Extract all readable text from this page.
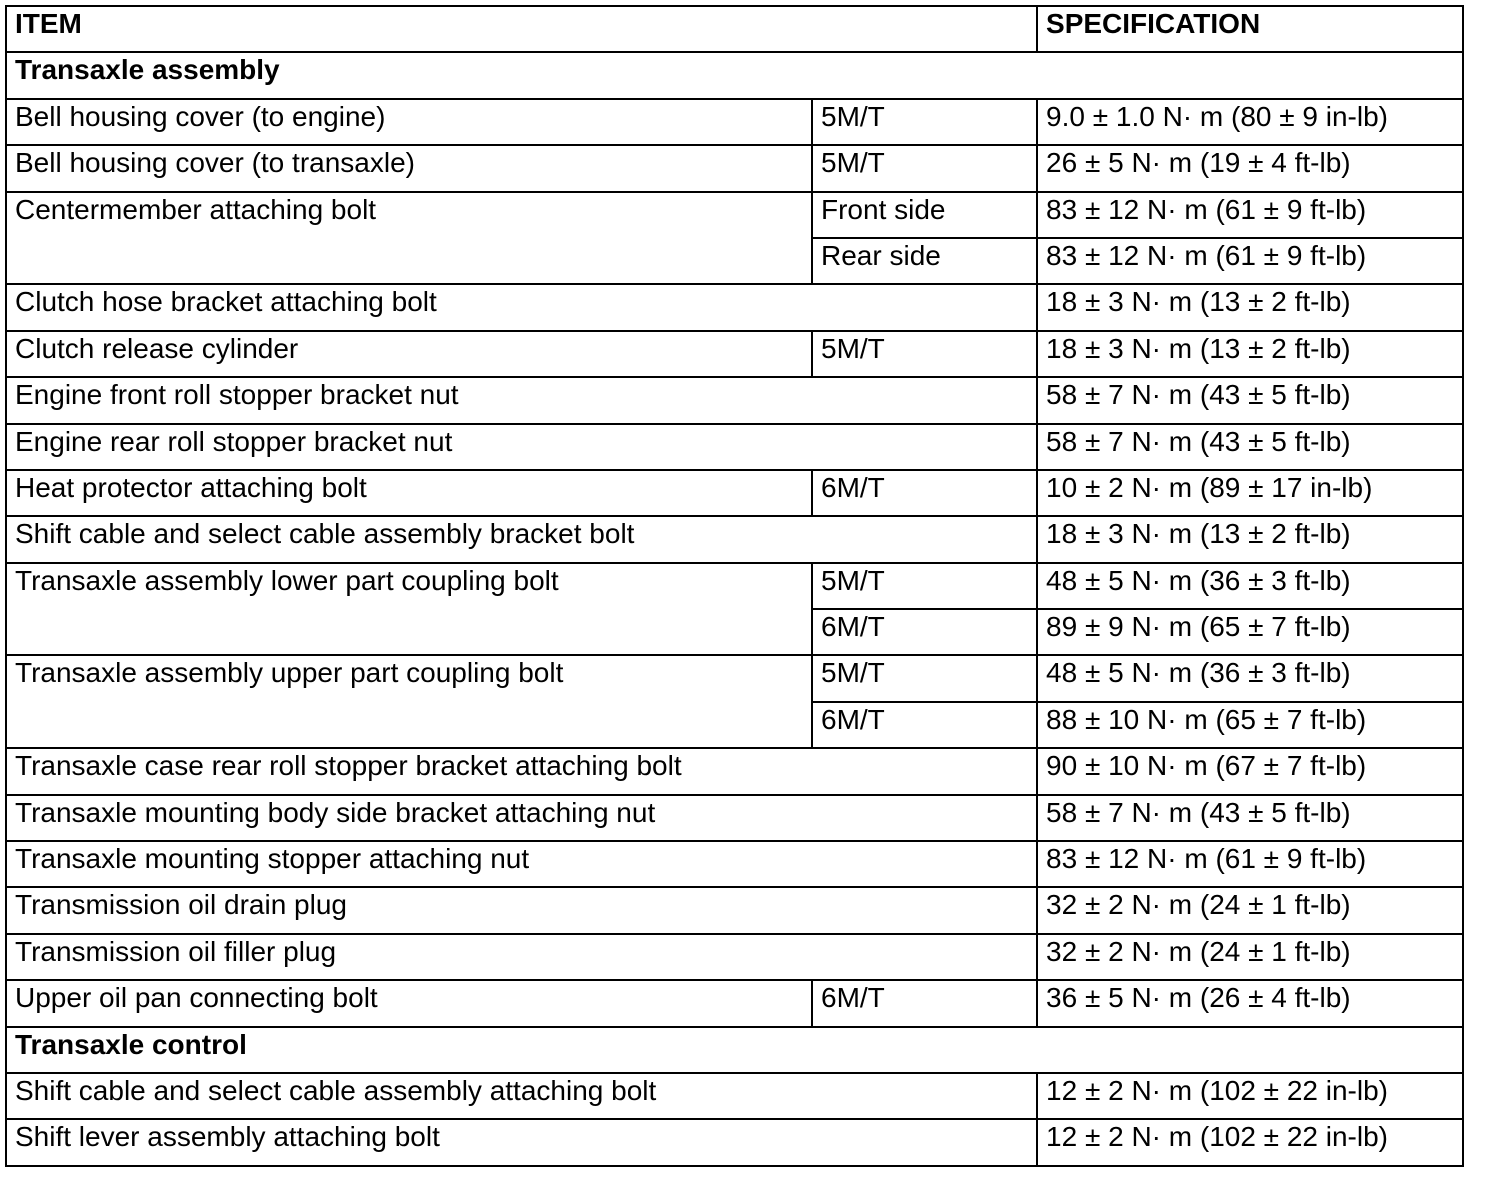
ITEM		SPECIFICATION
Transaxle assembly		
Bell housing cover (to engine)	5M/T	9.0 ± 1.0 N· m (80 ± 9 in-lb)
Bell housing cover (to transaxle)	5M/T	26 ± 5 N· m (19 ± 4 ft-lb)
Centermember attaching bolt	Front side	83 ± 12 N· m (61 ± 9 ft-lb)
	Rear side	83 ± 12 N· m (61 ± 9 ft-lb)
Clutch hose bracket attaching bolt		18 ± 3 N· m (13 ± 2 ft-lb)
Clutch release cylinder	5M/T	18 ± 3 N· m (13 ± 2 ft-lb)
Engine front roll stopper bracket nut		58 ± 7 N· m (43 ± 5 ft-lb)
Engine rear roll stopper bracket nut		58 ± 7 N· m (43 ± 5 ft-lb)
Heat protector attaching bolt	6M/T	10 ± 2 N· m (89 ± 17 in-lb)
Shift cable and select cable assembly bracket bolt		18 ± 3 N· m (13 ± 2 ft-lb)
Transaxle assembly lower part coupling bolt	5M/T	48 ± 5 N· m (36 ± 3 ft-lb)
	6M/T	89 ± 9 N· m (65 ± 7 ft-lb)
Transaxle assembly upper part coupling bolt	5M/T	48 ± 5 N· m (36 ± 3 ft-lb)
	6M/T	88 ± 10 N· m (65 ± 7 ft-lb)
Transaxle case rear roll stopper bracket attaching bolt		90 ± 10 N· m (67 ± 7 ft-lb)
Transaxle mounting body side bracket attaching nut		58 ± 7 N· m (43 ± 5 ft-lb)
Transaxle mounting stopper attaching nut		83 ± 12 N· m (61 ± 9 ft-lb)
Transmission oil drain plug		32 ± 2 N· m (24 ± 1 ft-lb)
Transmission oil filler plug		32 ± 2 N· m (24 ± 1 ft-lb)
Upper oil pan connecting bolt	6M/T	36 ± 5 N· m (26 ± 4 ft-lb)
Transaxle control		
Shift cable and select cable assembly attaching bolt		12 ± 2 N· m (102 ± 22 in-lb)
Shift lever assembly attaching bolt		12 ± 2 N· m (102 ± 22 in-lb)
